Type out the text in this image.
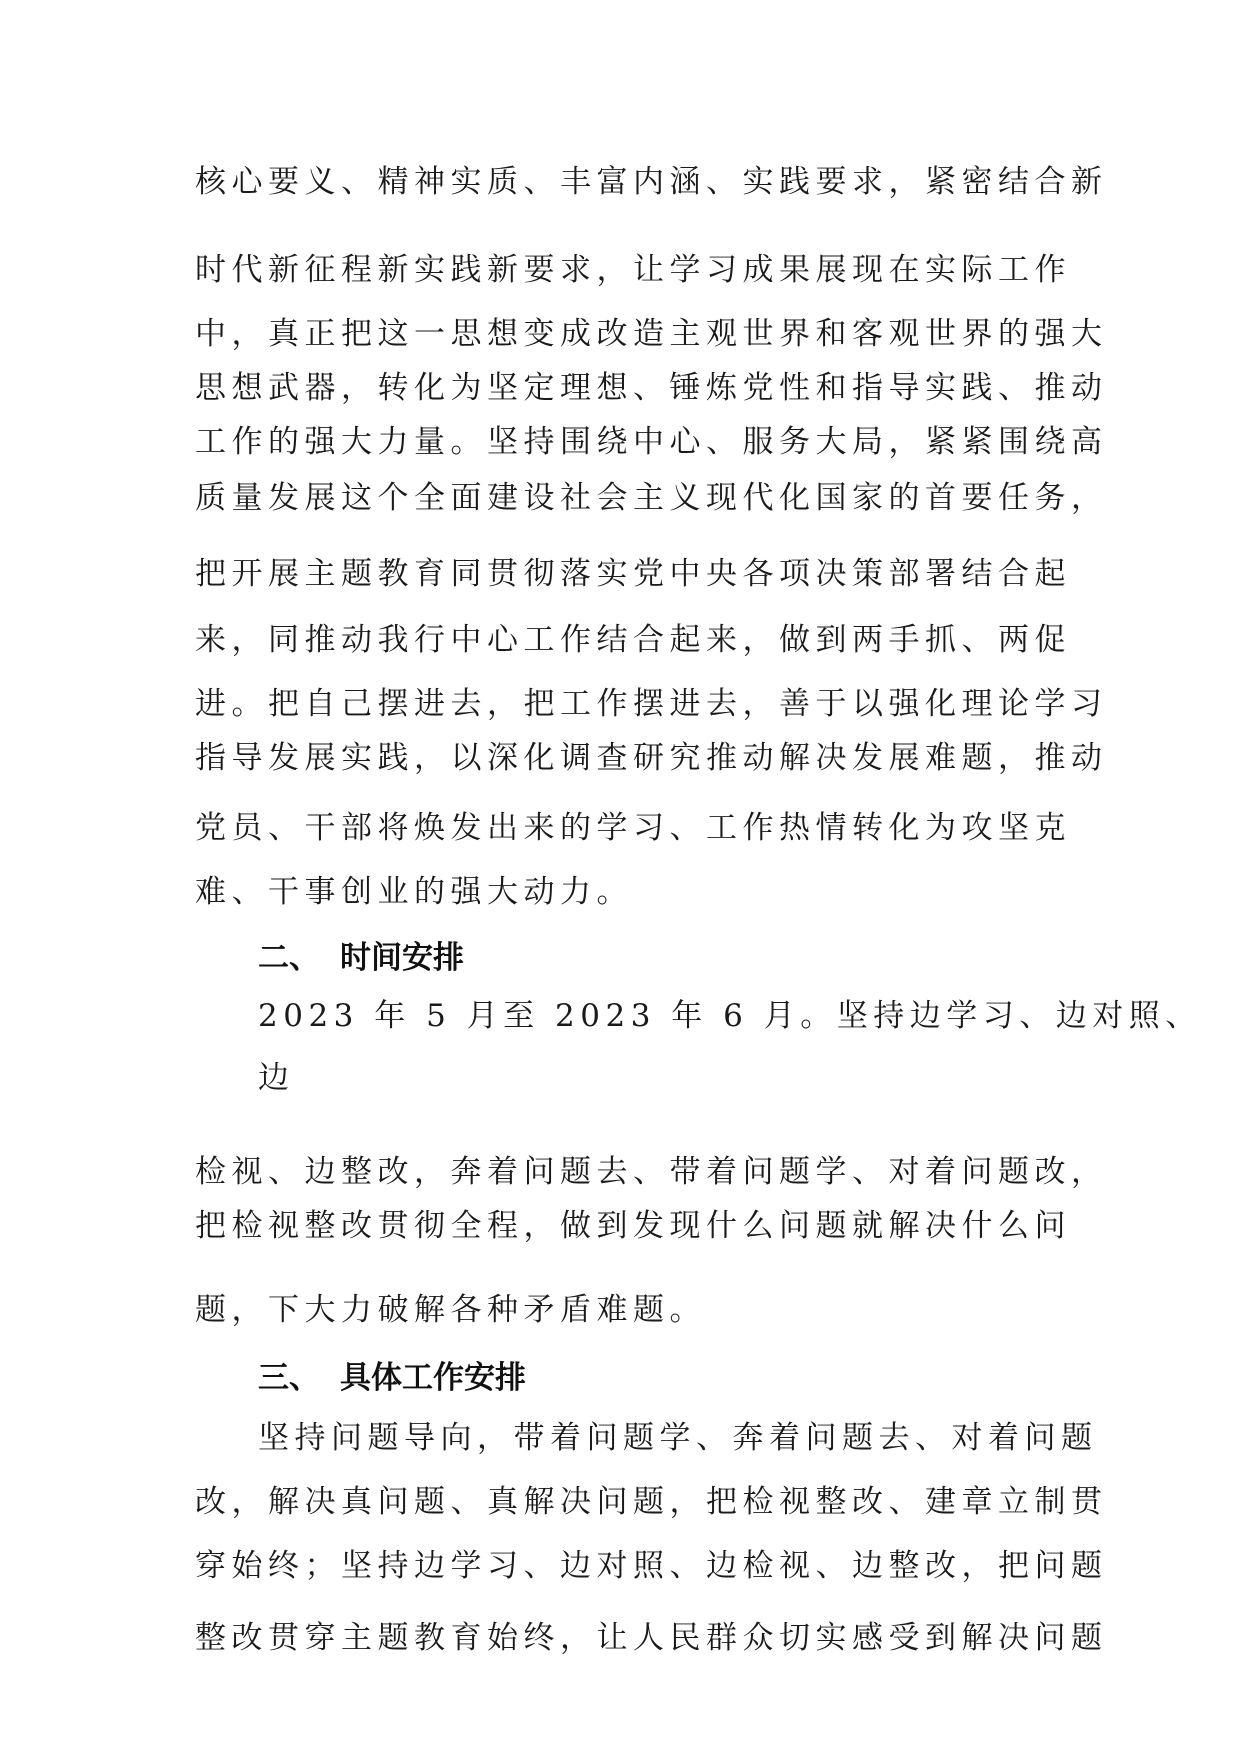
核心要义、精神实质、丰富内涵、实践要求，紧密结合新
时代新征程新实践新要求，让学习成果展现在实际工作
中，真正把这一思想变成改造主观世界和客观世界的强大
思想武器，转化为坚定理想、锤炼党性和指导实践、推动
工作的强大力量。坚持围绕中心、服务大局，紧紧围绕高
质量发展这个全面建设社会主义现代化国家的首要任务，
把开展主题教育同贯彻落实党中央各项决策部署结合起
来，同推动我行中心工作结合起来，做到两手抓、两促
进。把自己摆进去，把工作摆进去，善于以强化理论学习
指导发展实践，以深化调查研究推动解决发展难题，推动
党员、干部将焕发出来的学习、工作热情转化为攻坚克
难、干事创业的强大动力。
二、 时间安排
2023 年 5 月至 2023 年 6 月。坚持边学习、边对照、
边
检视、边整改，奔着问题去、带着问题学、对着问题改，
把检视整改贯彻全程，做到发现什么问题就解决什么问
题，下大力破解各种矛盾难题。
三、 具体工作安排
坚持问题导向，带着问题学、奔着问题去、对着问题
改，解决真问题、真解决问题，把检视整改、建章立制贯
穿始终；坚持边学习、边对照、边检视、边整改，把问题
整改贯穿主题教育始终，让人民群众切实感受到解决问题
